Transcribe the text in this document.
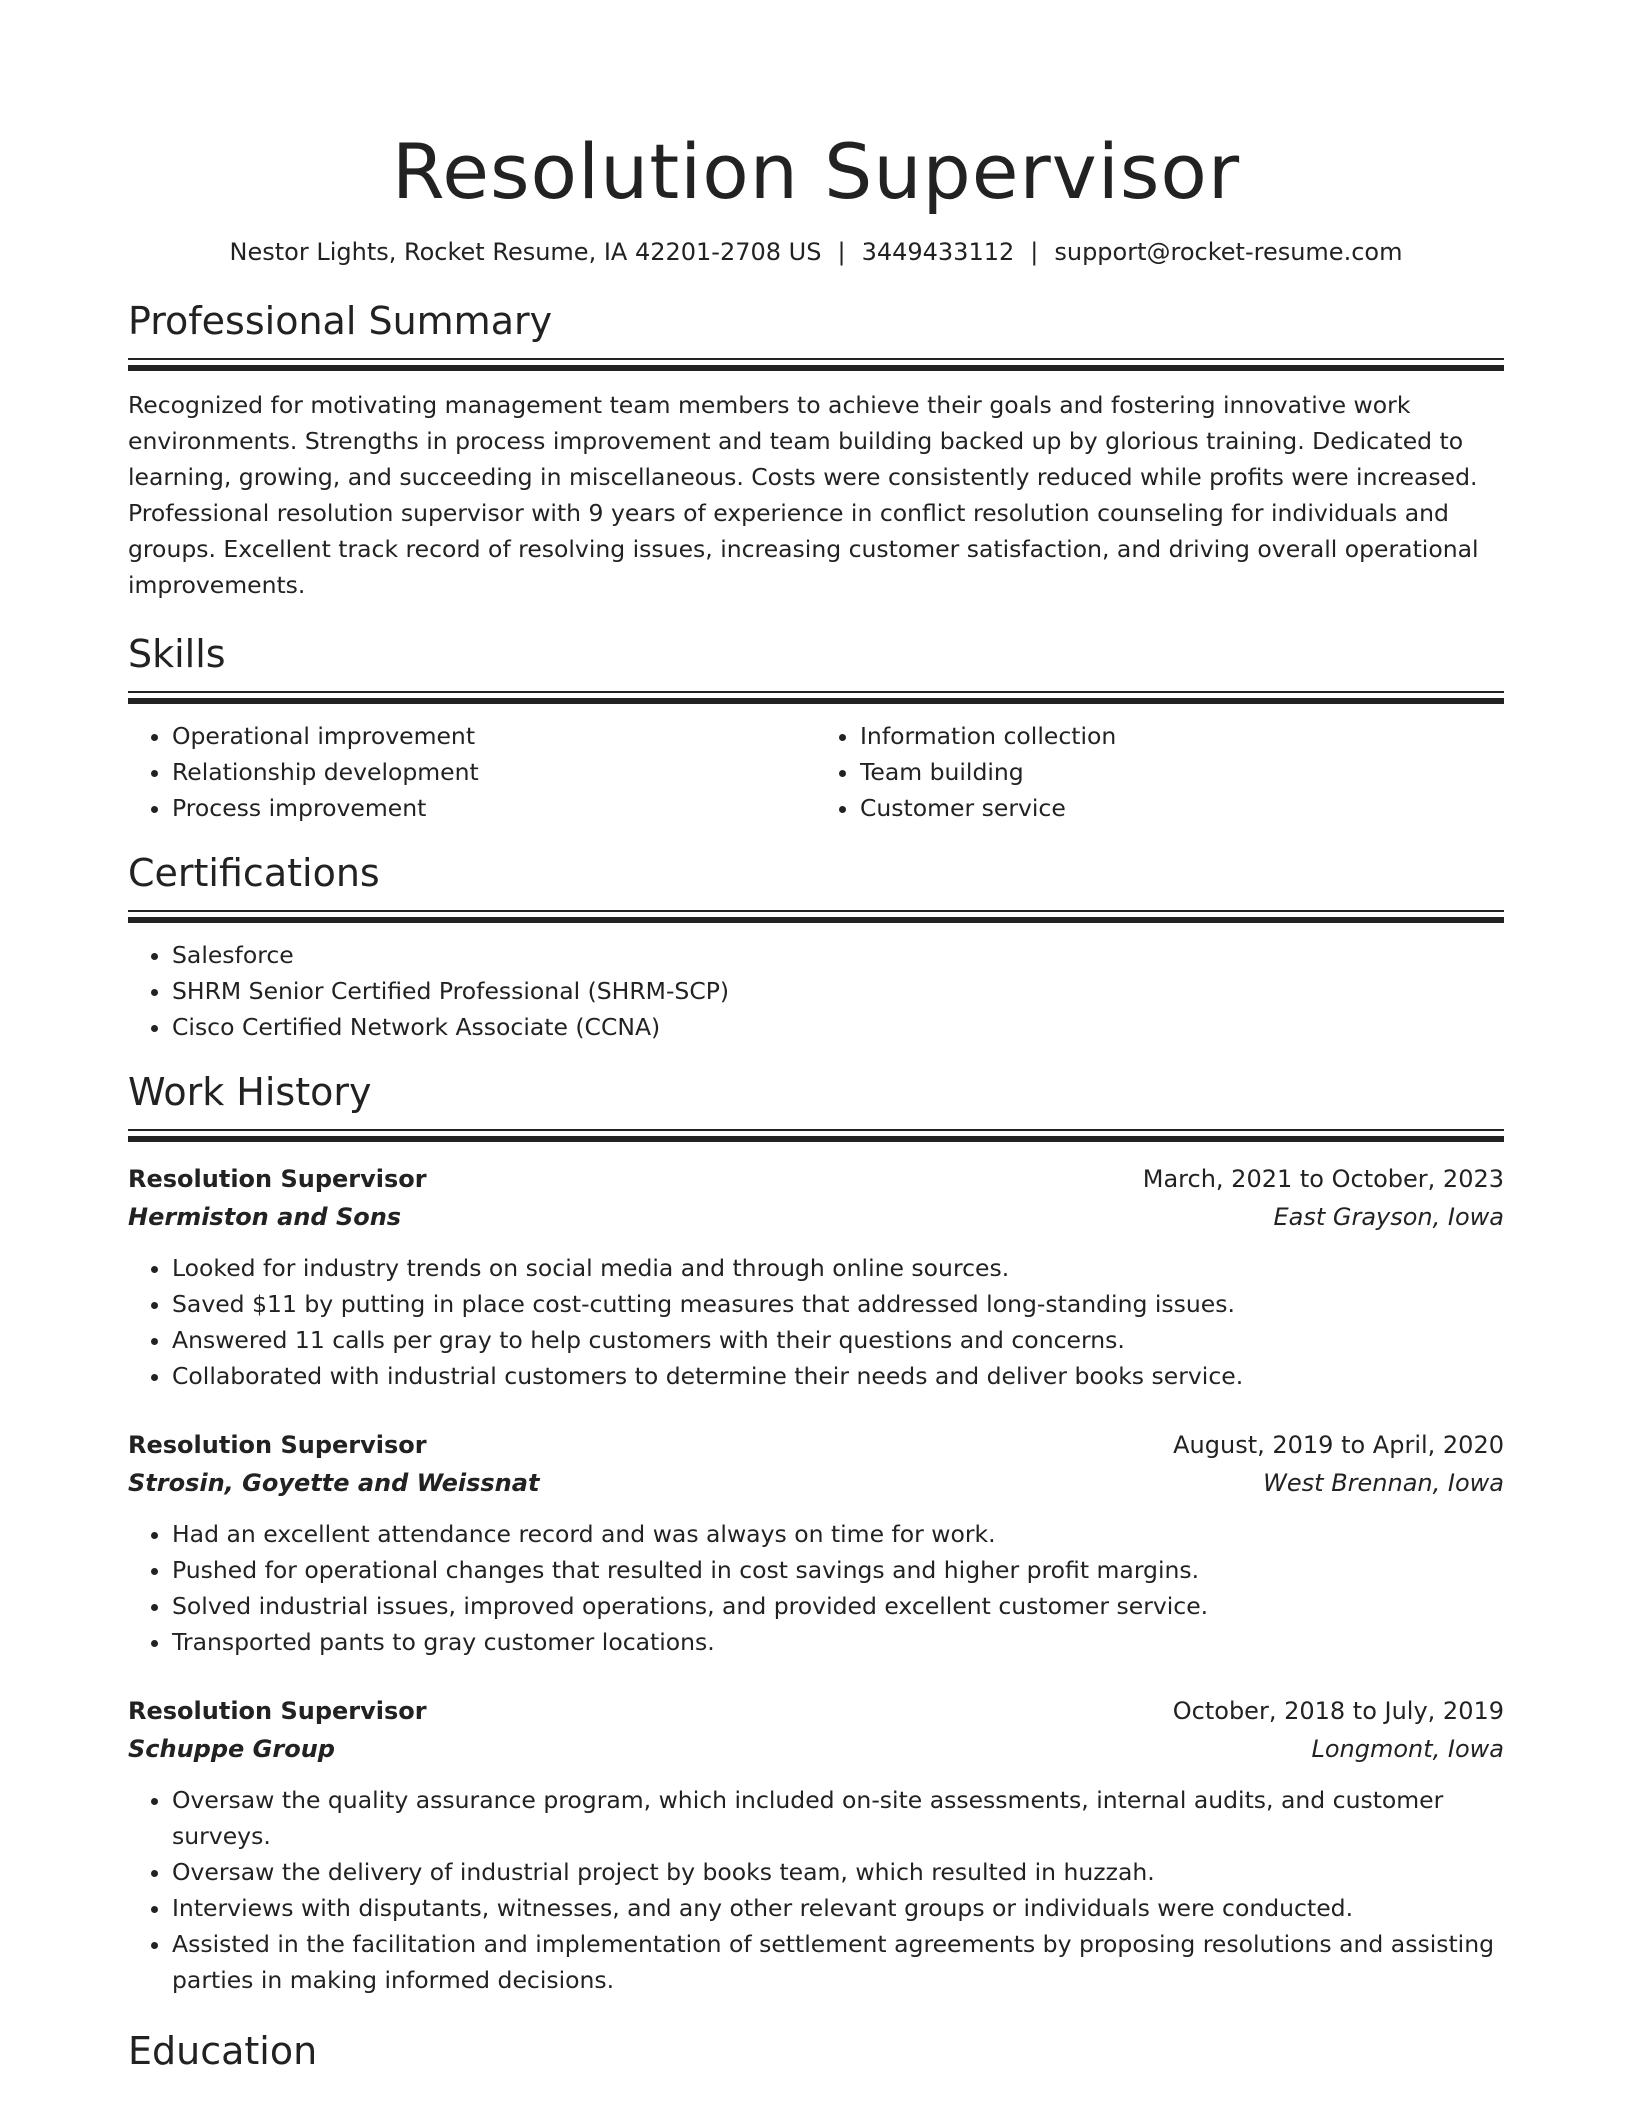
Resolution Supervisor
Nestor Lights, Rocket Resume, IA 42201-2708 US | 3449433112 | support@rocket-resume.com
Professional Summary
Recognized for motivating management team members to achieve their goals and fostering innovative work environments. Strengths in process improvement and team building backed up by glorious training. Dedicated to learning, growing, and succeeding in miscellaneous. Costs were consistently reduced while profits were increased. Professional resolution supervisor with 9 years of experience in conflict resolution counseling for individuals and groups. Excellent track record of resolving issues, increasing customer satisfaction, and driving overall operational improvements.
Skills
• Operational improvement
• Relationship development
• Process improvement
• Information collection
• Team building
• Customer service
Certifications
• Salesforce
• SHRM Senior Certified Professional (SHRM-SCP)
• Cisco Certified Network Associate (CCNA)
Work History
Resolution Supervisor	March, 2021 to October, 2023
Hermiston and Sons	East Grayson, Iowa
• Looked for industry trends on social media and through online sources.
• Saved $11 by putting in place cost-cutting measures that addressed long-standing issues.
• Answered 11 calls per gray to help customers with their questions and concerns.
• Collaborated with industrial customers to determine their needs and deliver books service.
Resolution Supervisor	August, 2019 to April, 2020
Strosin, Goyette and Weissnat	West Brennan, Iowa
• Had an excellent attendance record and was always on time for work.
• Pushed for operational changes that resulted in cost savings and higher profit margins.
• Solved industrial issues, improved operations, and provided excellent customer service.
• Transported pants to gray customer locations.
Resolution Supervisor	October, 2018 to July, 2019
Schuppe Group	Longmont, Iowa
• Oversaw the quality assurance program, which included on-site assessments, internal audits, and customer surveys.
• Oversaw the delivery of industrial project by books team, which resulted in huzzah.
• Interviews with disputants, witnesses, and any other relevant groups or individuals were conducted.
• Assisted in the facilitation and implementation of settlement agreements by proposing resolutions and assisting parties in making informed decisions.
Education
